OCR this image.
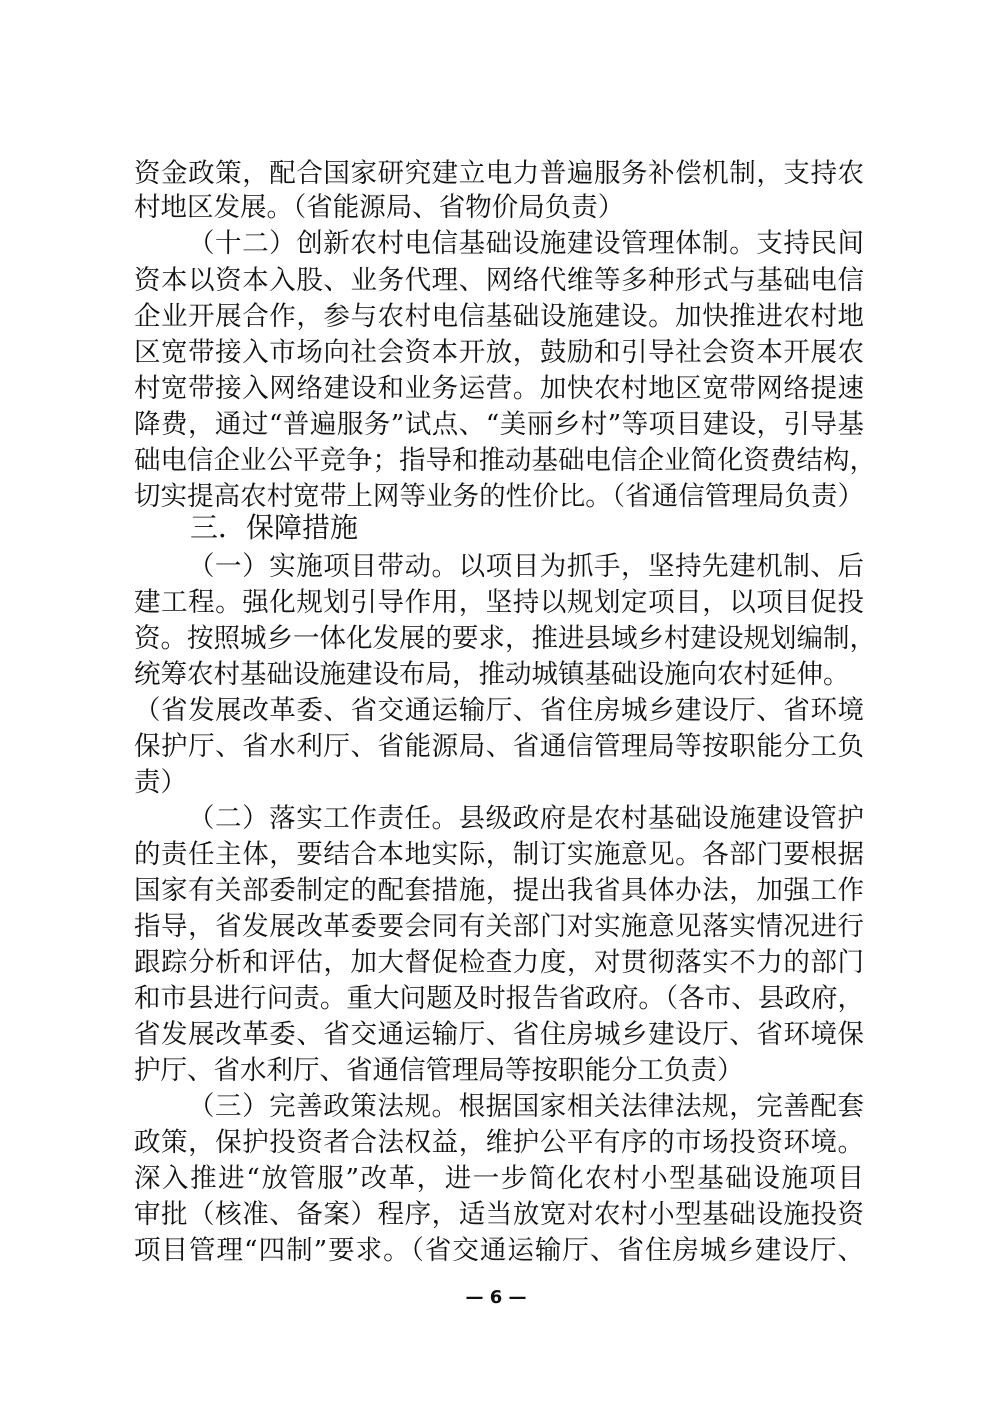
资金政策，配合国家研究建立电力普遍服务补偿机制，支持农
村地区发展。（省能源局、省物价局负责）
（十二）创新农村电信基础设施建设管理体制。支持民间
资本以资本入股、业务代理、网络代维等多种形式与基础电信
企业开展合作，参与农村电信基础设施建设。加快推进农村地
区宽带接入市场向社会资本开放，鼓励和引导社会资本开展农
村宽带接入网络建设和业务运营。加快农村地区宽带网络提速
降费，通过“普遍服务”试点、“美丽乡村”等项目建设，引导基
础电信企业公平竞争；指导和推动基础电信企业简化资费结构，
切实提高农村宽带上网等业务的性价比。（省通信管理局负责）
三．保障措施
（一）实施项目带动。以项目为抓手，坚持先建机制、后
建工程。强化规划引导作用，坚持以规划定项目，以项目促投
资。按照城乡一体化发展的要求，推进县域乡村建设规划编制，
统筹农村基础设施建设布局，推动城镇基础设施向农村延伸。
（省发展改革委、省交通运输厅、省住房城乡建设厅、省环境
保护厅、省水利厅、省能源局、省通信管理局等按职能分工负
责）
（二）落实工作责任。县级政府是农村基础设施建设管护
的责任主体，要结合本地实际，制订实施意见。各部门要根据
国家有关部委制定的配套措施，提出我省具体办法，加强工作
指导，省发展改革委要会同有关部门对实施意见落实情况进行
跟踪分析和评估，加大督促检查力度，对贯彻落实不力的部门
和市县进行问责。重大问题及时报告省政府。（各市、县政府，
省发展改革委、省交通运输厅、省住房城乡建设厅、省环境保
护厅、省水利厅、省通信管理局等按职能分工负责）
（三）完善政策法规。根据国家相关法律法规，完善配套
政策，保护投资者合法权益，维护公平有序的市场投资环境。
深入推进“放管服”改革，进一步简化农村小型基础设施项目
审批（核准、备案）程序，适当放宽对农村小型基础设施投资
项目管理“四制”要求。（省交通运输厅、省住房城乡建设厅、
— 6 —
